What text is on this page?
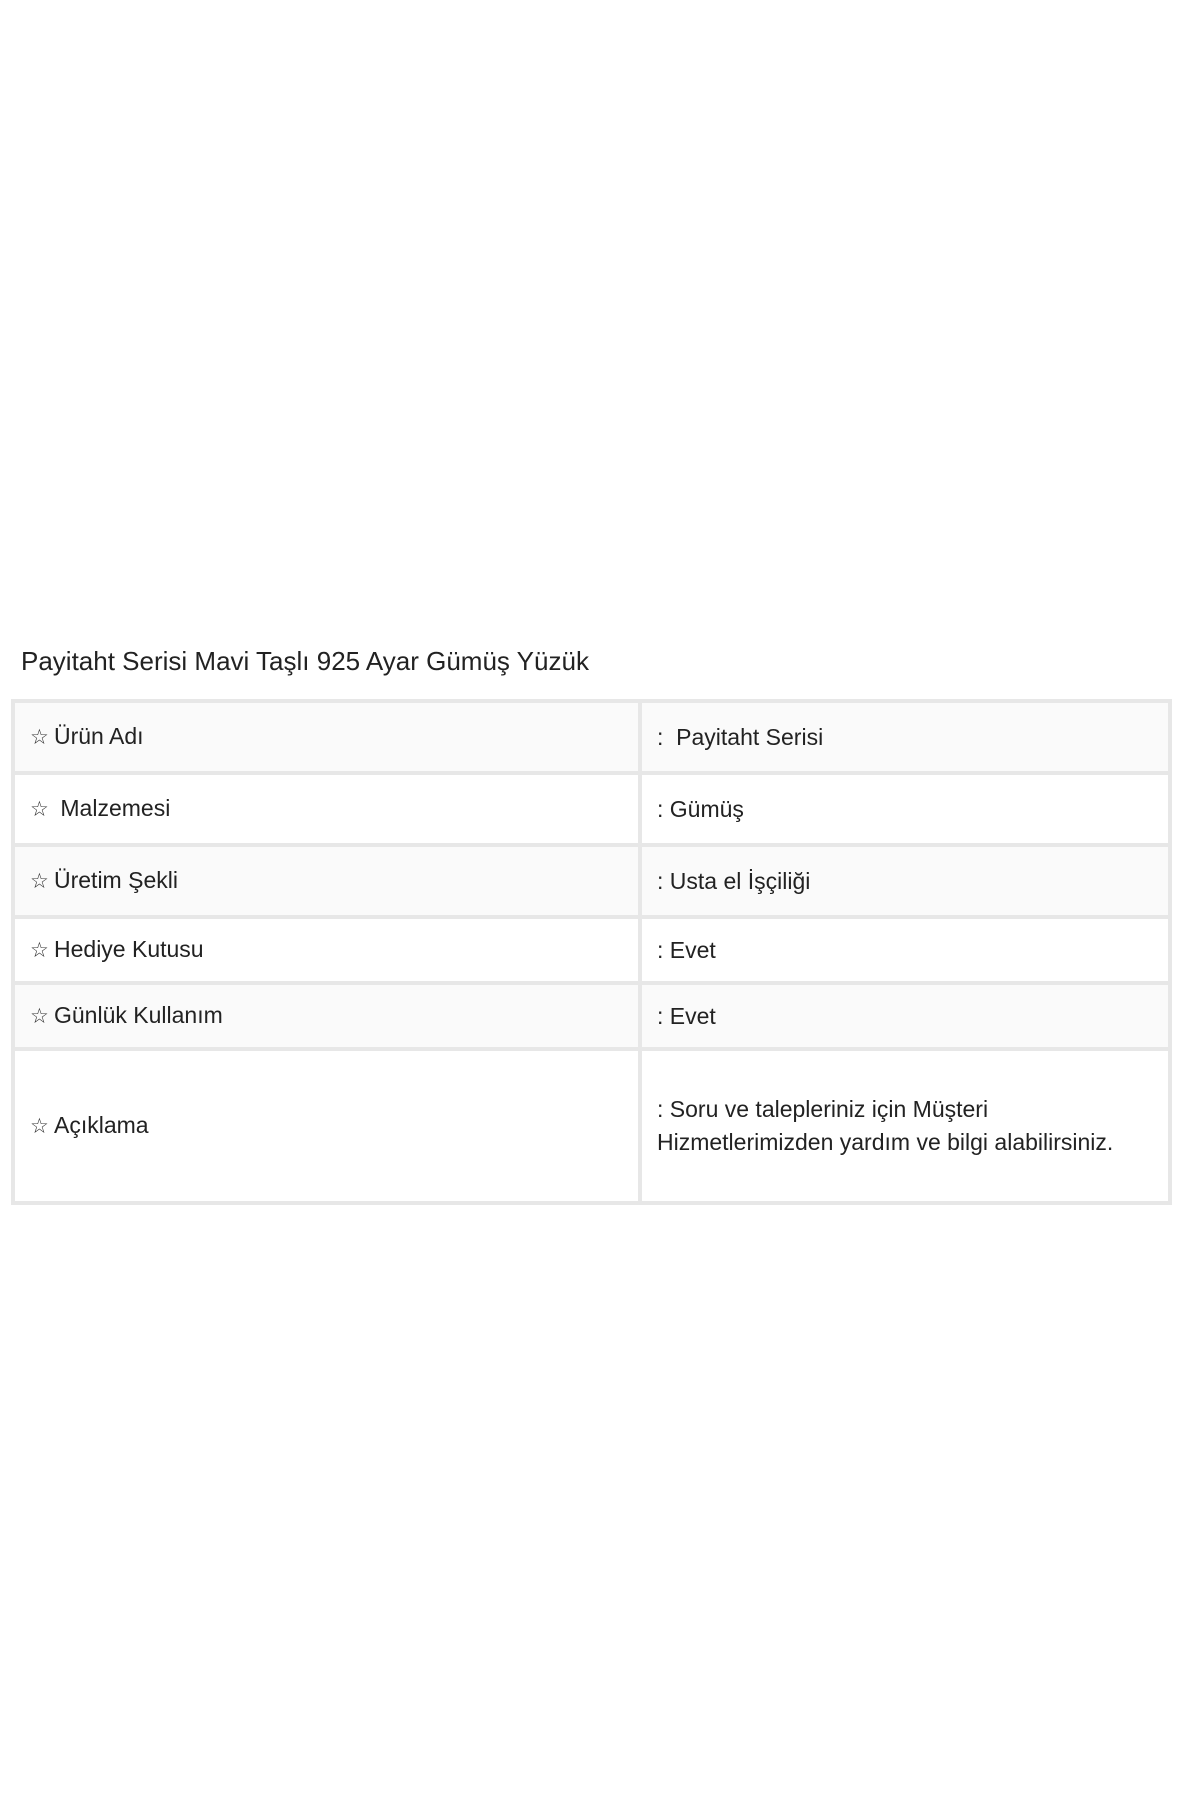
Payitaht Serisi Mavi Taşlı 925 Ayar Gümüş Yüzük
☆ Ürün Adı	:  Payitaht Serisi
☆ Malzemesi	: Gümüş
☆ Üretim Şekli	: Usta el İşçiliği
☆ Hediye Kutusu	: Evet
☆ Günlük Kullanım	: Evet
☆ Açıklama	: Soru ve talepleriniz için Müşteri Hizmetlerimizden yardım ve bilgi alabilirsiniz.
